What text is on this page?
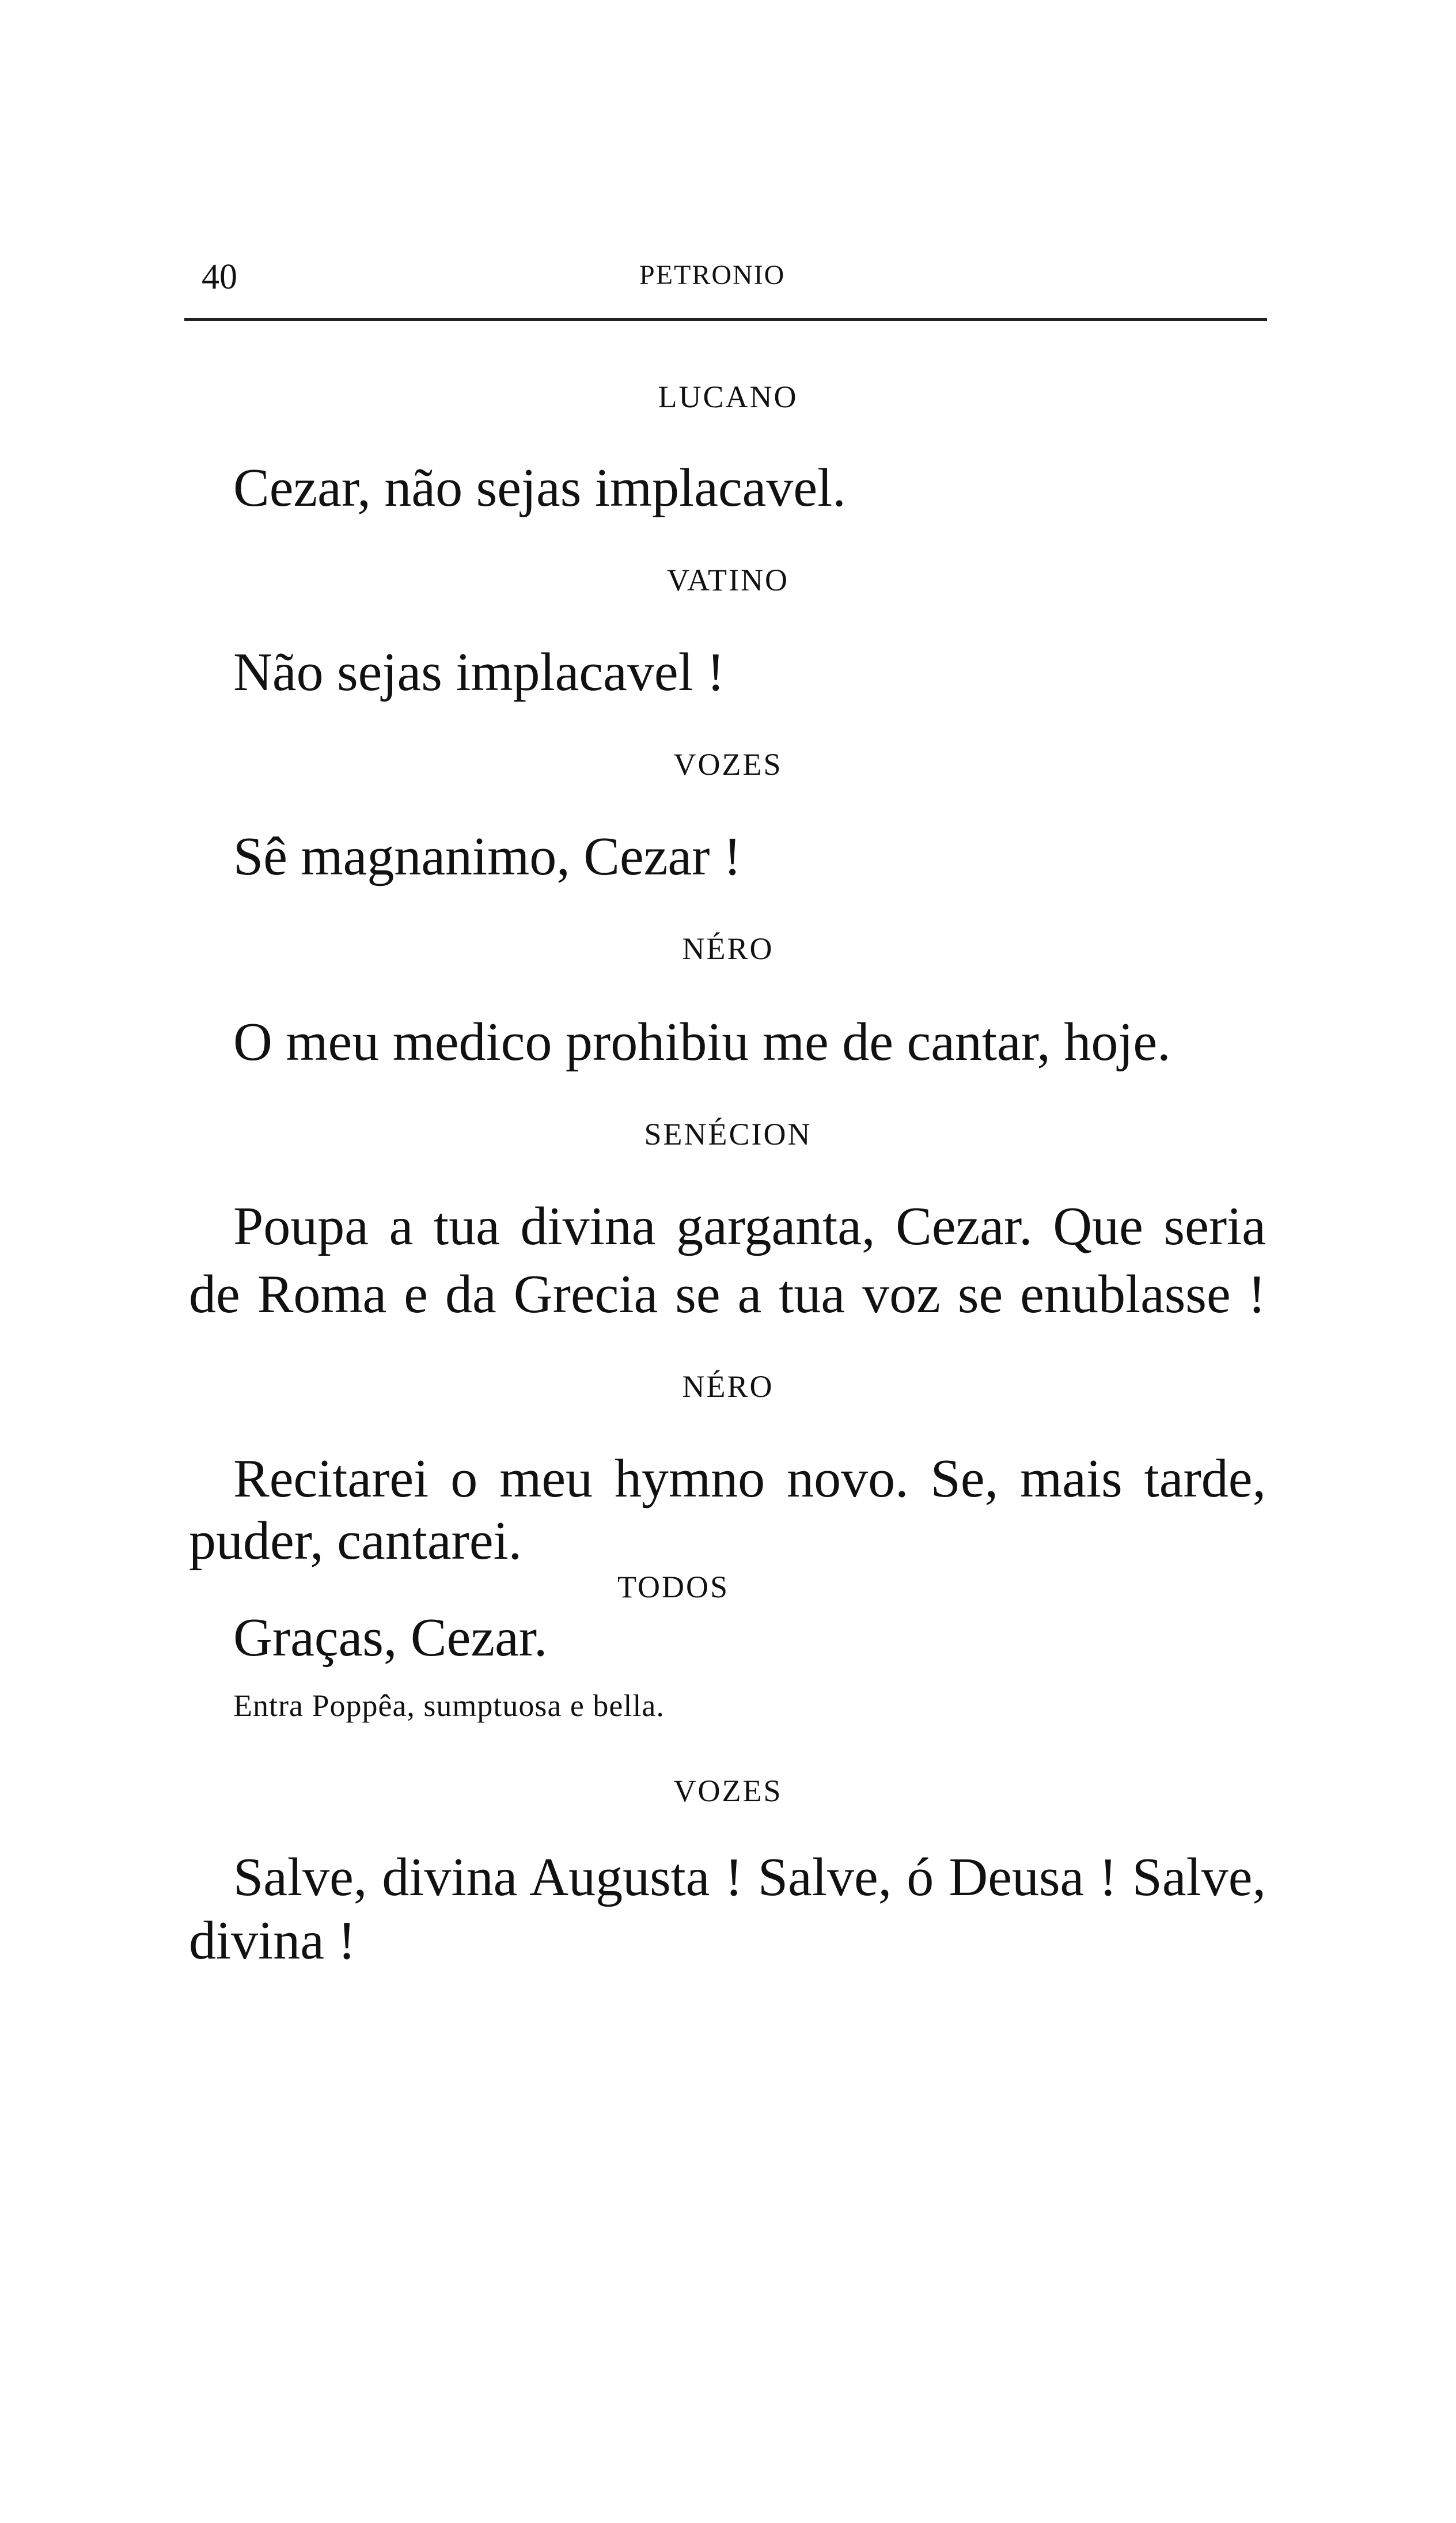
40	PETRONIO
LUCANO
Cezar, não sejas implacavel.
VATINO
Não sejas implacavel !
VOZES
Sê magnanimo, Cezar !
NÉRO
O meu medico prohibiu me de cantar, hoje.
SENÉCION
Poupa a tua divina garganta, Cezar. Que seria
de Roma e da Grecia se a tua voz se enublasse !
NÉRO
Recitarei o meu hymno novo. Se, mais tarde,
puder, cantarei.
TODOS
Graças, Cezar.
Entra Poppêa, sumptuosa e bella.
VOZES
Salve, divina Augusta ! Salve, ó Deusa ! Salve,
divina !
